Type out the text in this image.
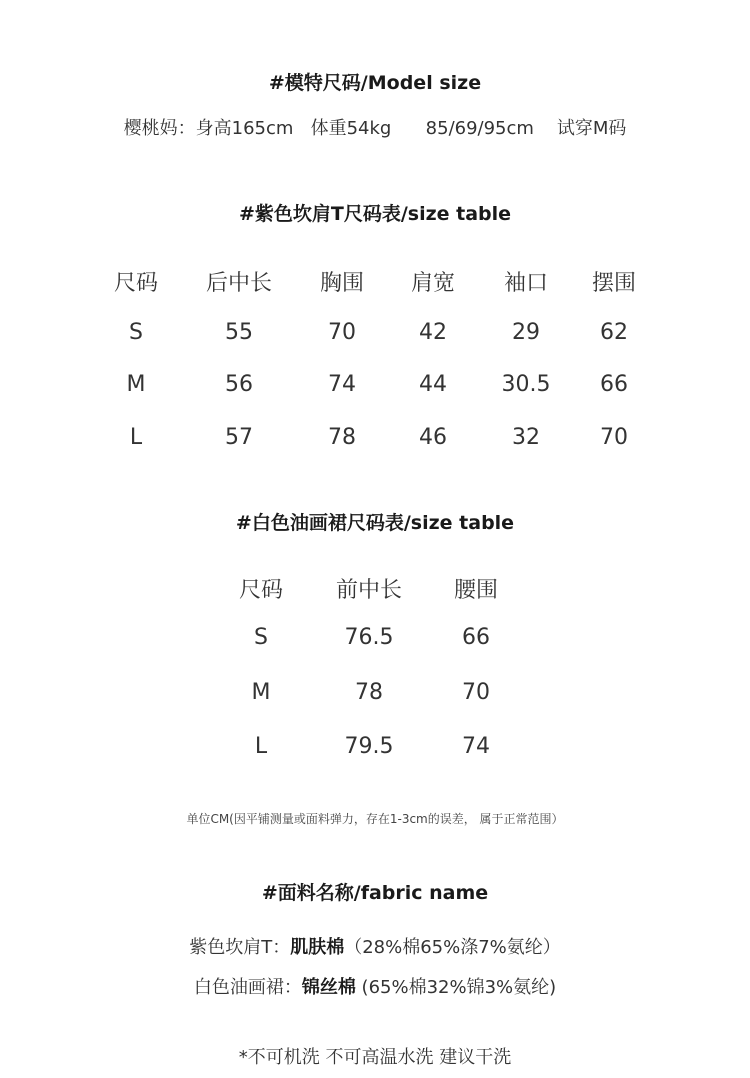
#模特尺码/Model size
樱桃妈：身高165cm   体重54kg      85/69/95cm    试穿M码
#紫色坎肩T尺码表/size table
尺码 后中长 胸围 肩宽 袖口 摆围
S	55	70	42	29	62
M	56	74	44 30.5 66
L	57	78	46	32	70
#白色油画裙尺码表/size table
尺码 前中长 腰围
S	76.5	66
M	78	70
L	79.5	74
单位CM(因平铺测量或面料弹力，存在1-3cm的误差， 属于正常范围）
#面料名称/fabric name
紫色坎肩T：肌肤棉（28%棉65%涤7%氨纶）
白色油画裙：锦丝棉 (65%棉32%锦3%氨纶)
*不可机洗 不可高温水洗 建议干洗
